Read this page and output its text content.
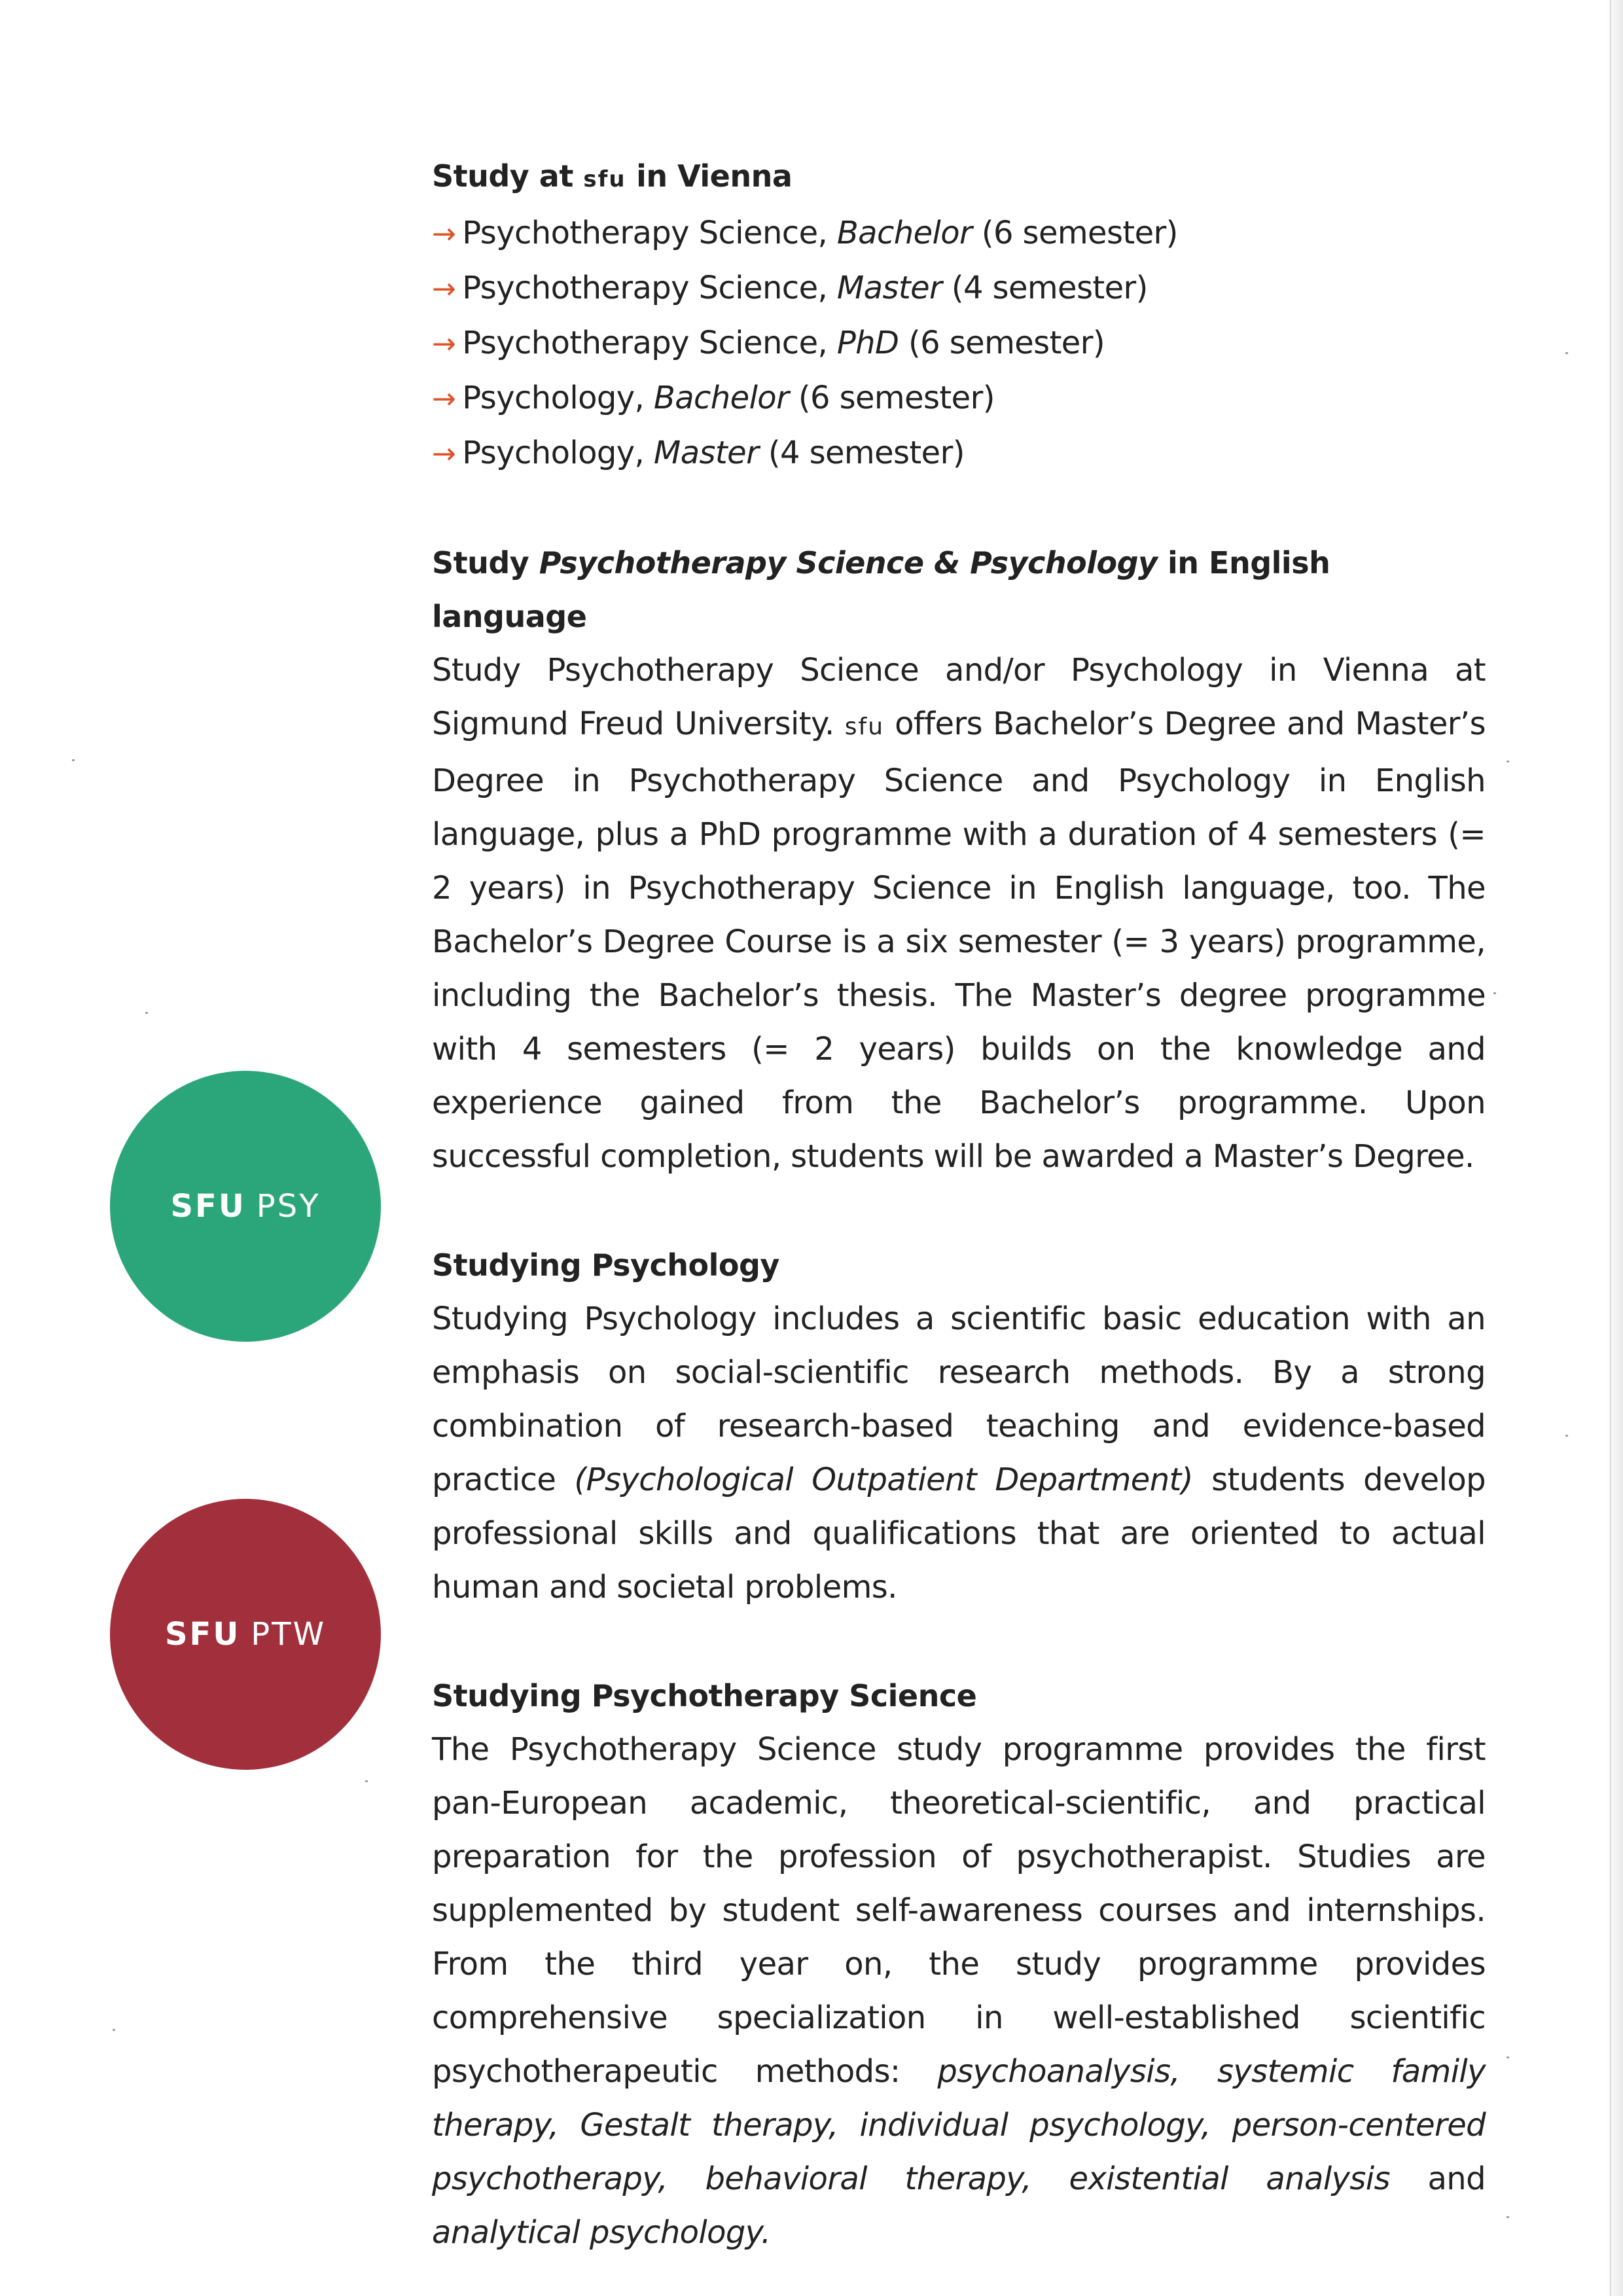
SFU PSY
SFU PTW
Study at sfu in Vienna
→ Psychotherapy Science, Bachelor (6 semester)
→ Psychotherapy Science, Master (4 semester)
→ Psychotherapy Science, PhD (6 semester)
→ Psychology, Bachelor (6 semester)
→ Psychology, Master (4 semester)
Study Psychotherapy Science & Psychology in English language

Study Psychotherapy Science and/or Psychology in Vienna at Sigmund Freud University. sfu offers Bachelor’s Degree and Master’s Degree in Psychotherapy Science and Psychology in English language, plus a PhD programme with a duration of 4 semesters (= 2 years) in Psychotherapy Science in English language, too. The Bachelor’s Degree Course is a six semester (= 3 years) programme, including the Bachelor’s thesis. The Master’s degree programme with 4 semesters (= 2 years) builds on the knowledge and experience gained from the Bachelor’s programme. Upon successful completion, students will be awarded a Master’s Degree.

Studying Psychology

Studying Psychology includes a scientific basic education with an emphasis on social-scientific research methods. By a strong combination of research-based teaching and evidence-based practice (Psychological Outpatient Department) students develop professional skills and qualifications that are oriented to actual human and societal problems.

Studying Psychotherapy Science

The Psychotherapy Science study programme provides the first pan-European academic, theoretical-scientific, and practical preparation for the profession of psychotherapist. Studies are supplemented by student self-awareness courses and internships. From the third year on, the study programme provides comprehensive specialization in well-established scientific psychotherapeutic methods: psychoanalysis, systemic family therapy, Gestalt therapy, individual psychology, person-centered psychotherapy, behavioral therapy, existential analysis and analytical psychology.
